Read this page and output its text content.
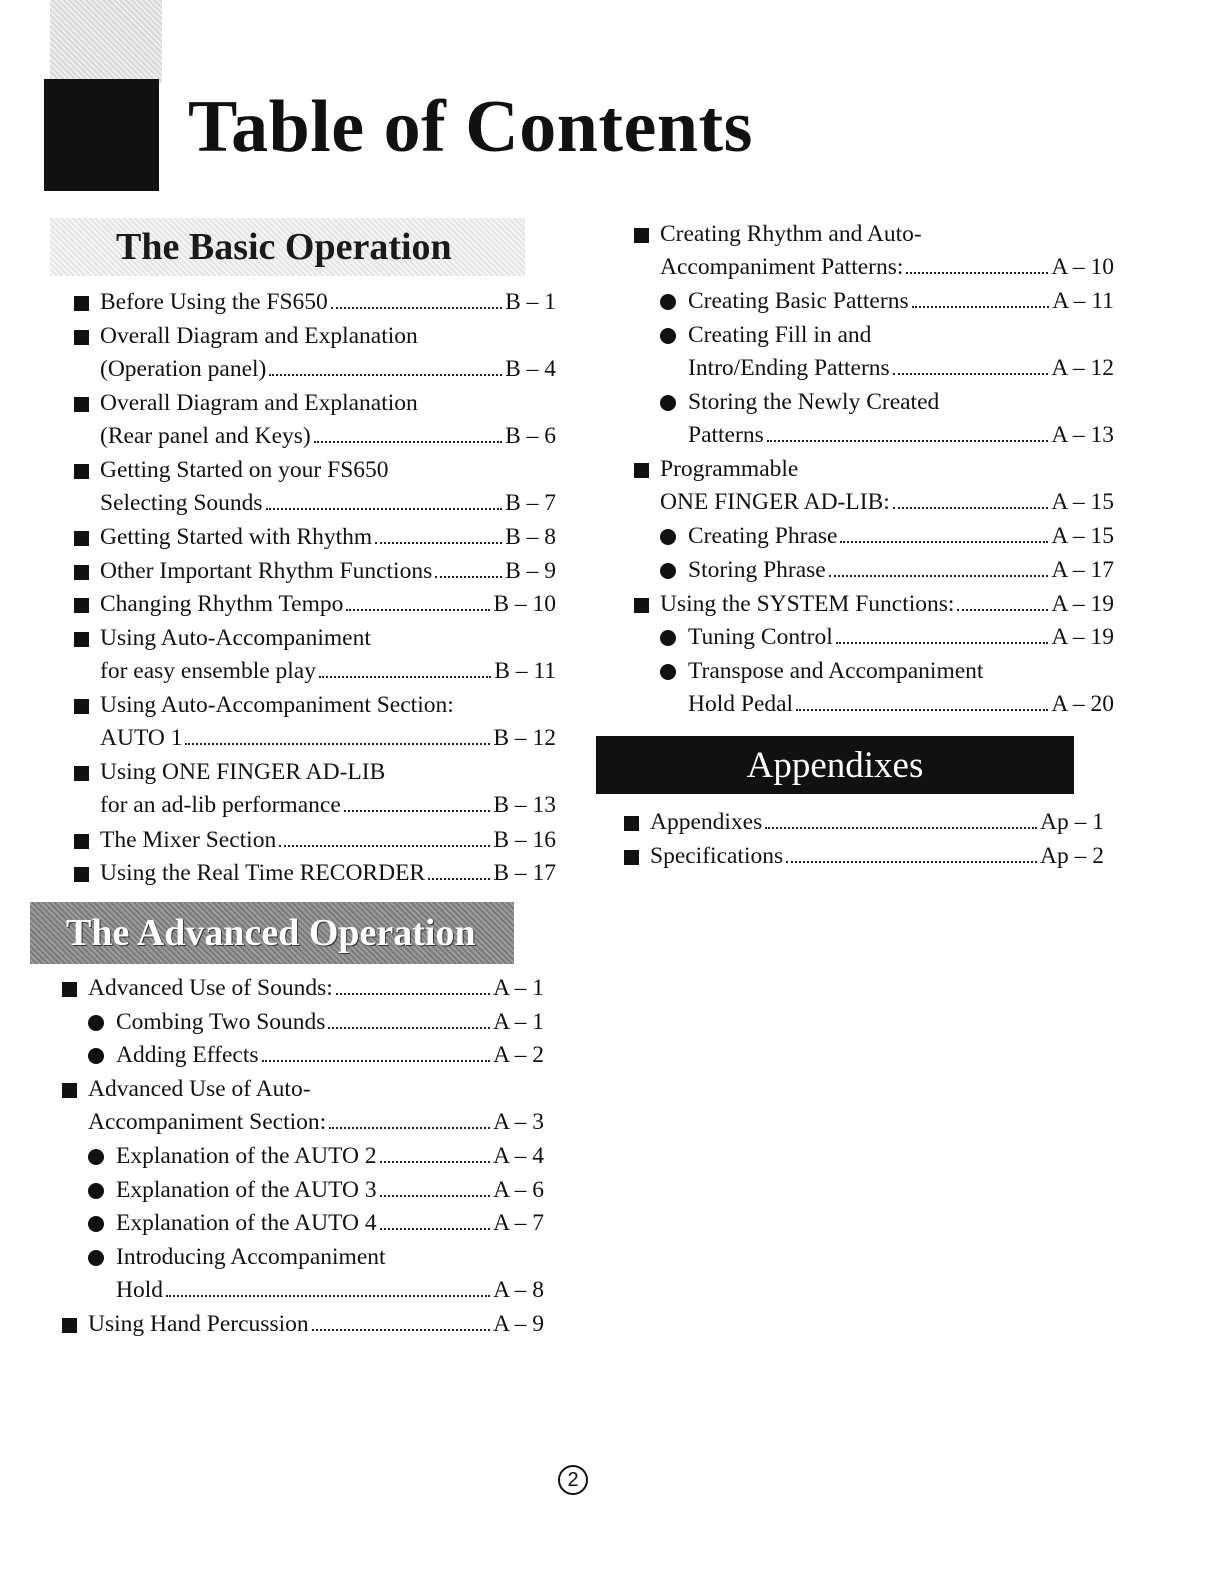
Table of Contents
The Basic Operation
The Advanced Operation
Appendixes
Before Using the FS650	B – 1
Overall Diagram and Explanation
(Operation panel)	B – 4
Overall Diagram and Explanation
(Rear panel and Keys)	B – 6
Getting Started on your FS650
Selecting Sounds	B – 7
Getting Started with Rhythm	B – 8
Other Important Rhythm Functions	B – 9
Changing Rhythm Tempo	B – 10
Using Auto-Accompaniment
for easy ensemble play	B – 11
Using Auto-Accompaniment Section:
AUTO 1	B – 12
Using ONE FINGER AD-LIB
for an ad-lib performance	B – 13
The Mixer Section	B – 16
Using the Real Time RECORDER	B – 17
Advanced Use of Sounds:	A – 1
Combing Two Sounds	A – 1
Adding Effects	A – 2
Advanced Use of Auto-
Accompaniment Section:	A – 3
Explanation of the AUTO 2	A – 4
Explanation of the AUTO 3	A – 6
Explanation of the AUTO 4	A – 7
Introducing Accompaniment
Hold	A – 8
Using Hand Percussion	A – 9
Creating Rhythm and Auto-
Accompaniment Patterns:	A – 10
Creating Basic Patterns	A – 11
Creating Fill in and
Intro/Ending Patterns	A – 12
Storing the Newly Created
Patterns	A – 13
Programmable
ONE FINGER AD-LIB:	A – 15
Creating Phrase	A – 15
Storing Phrase	A – 17
Using the SYSTEM Functions:	A – 19
Tuning Control	A – 19
Transpose and Accompaniment
Hold Pedal	A – 20
Appendixes	Ap – 1
Specifications	Ap – 2
2
